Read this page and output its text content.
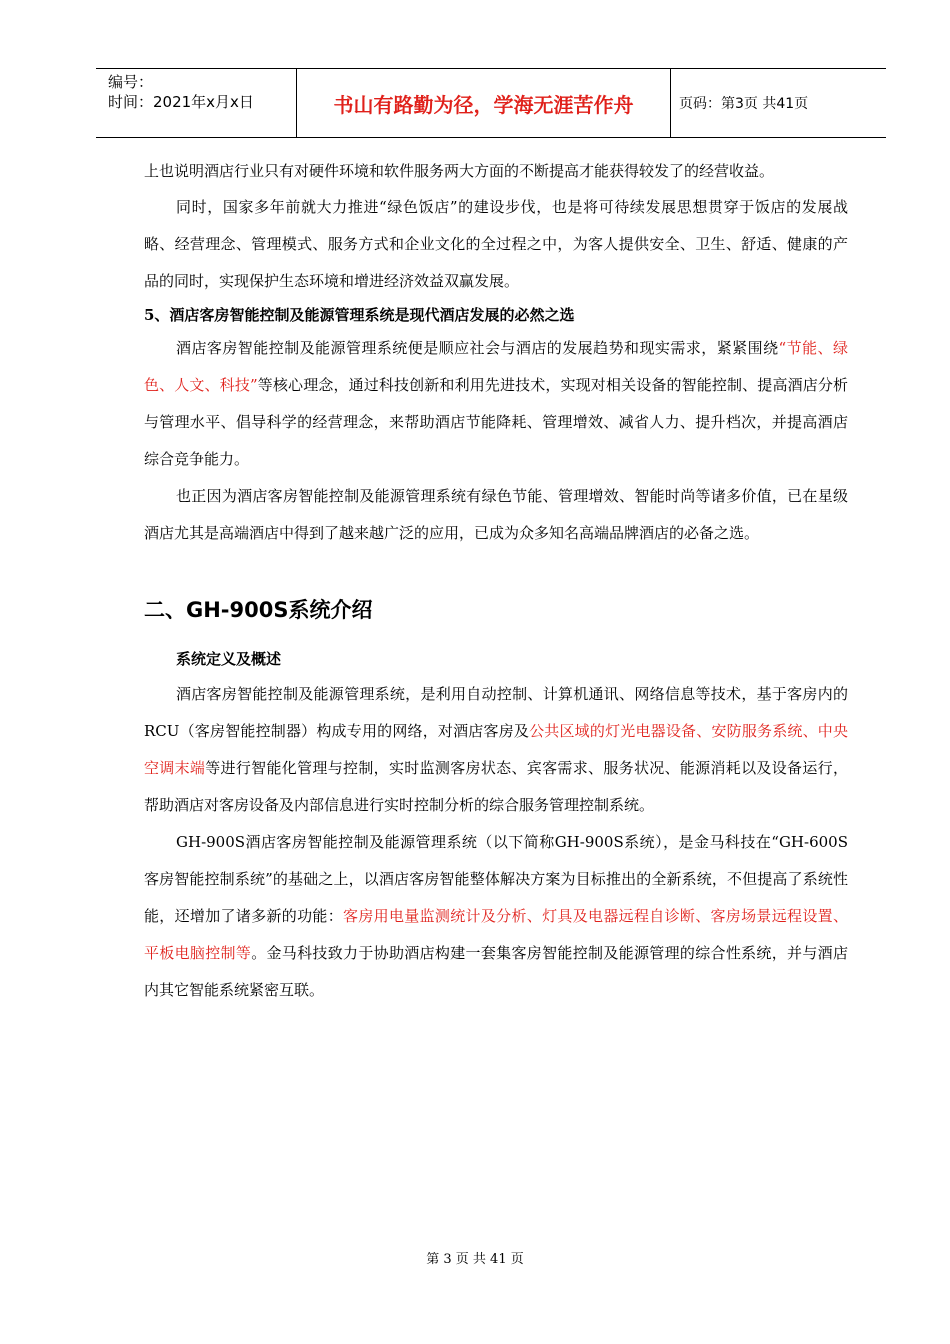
编号：
时间：2021年x月x日	书山有路勤为径，学海无涯苦作舟	页码：第3页 共41页

上也说明酒店行业只有对硬件环境和软件服务两大方面的不断提高才能获得较发了的经营收益。

同时，国家多年前就大力推进“绿色饭店”的建设步伐，也是将可待续发展思想贯穿于饭店的发展战略、经营理念、管理模式、服务方式和企业文化的全过程之中，为客人提供安全、卫生、舒适、健康的产品的同时，实现保护生态环境和增进经济效益双赢发展。

5、酒店客房智能控制及能源管理系统是现代酒店发展的必然之选

酒店客房智能控制及能源管理系统便是顺应社会与酒店的发展趋势和现实需求，紧紧围绕“节能、绿色、人文、科技”等核心理念，通过科技创新和利用先进技术，实现对相关设备的智能控制、提高酒店分析与管理水平、倡导科学的经营理念，来帮助酒店节能降耗、管理增效、减省人力、提升档次，并提高酒店综合竞争能力。

也正因为酒店客房智能控制及能源管理系统有绿色节能、管理增效、智能时尚等诸多价值，已在星级酒店尤其是高端酒店中得到了越来越广泛的应用，已成为众多知名高端品牌酒店的必备之选。

二、GH-900S系统介绍

系统定义及概述

酒店客房智能控制及能源管理系统，是利用自动控制、计算机通讯、网络信息等技术，基于客房内的RCU（客房智能控制器）构成专用的网络，对酒店客房及公共区域的灯光电器设备、安防服务系统、中央空调末端等进行智能化管理与控制，实时监测客房状态、宾客需求、服务状况、能源消耗以及设备运行，帮助酒店对客房设备及内部信息进行实时控制分析的综合服务管理控制系统。

GH-900S酒店客房智能控制及能源管理系统（以下简称GH-900S系统），是金马科技在“GH-600S客房智能控制系统”的基础之上，以酒店客房智能整体解决方案为目标推出的全新系统，不但提高了系统性能，还增加了诸多新的功能：客房用电量监测统计及分析、灯具及电器远程自诊断、客房场景远程设置、平板电脑控制等。金马科技致力于协助酒店构建一套集客房智能控制及能源管理的综合性系统，并与酒店内其它智能系统紧密互联。

第 3 页 共 41 页
